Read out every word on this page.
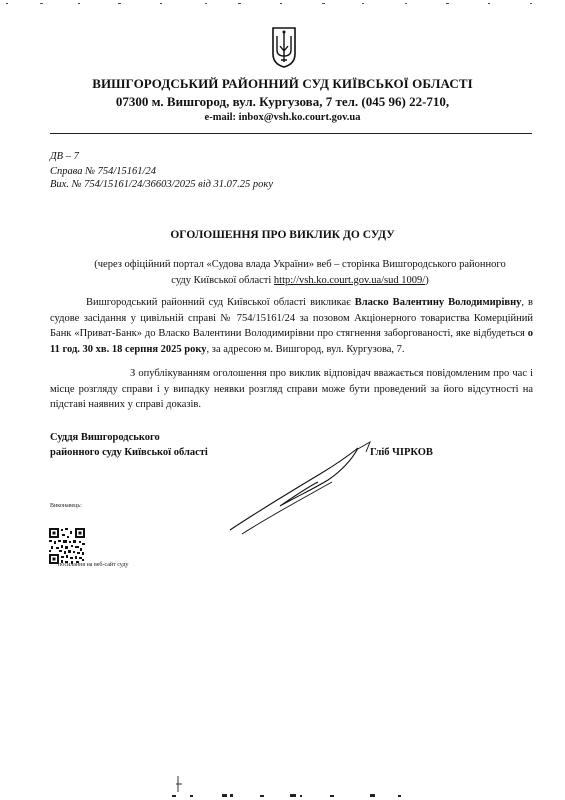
ВИШГОРОДСЬКИЙ РАЙОННИЙ СУД КИЇВСЬКОЇ ОБЛАСТІ
07300 м. Вишгород, вул. Кургузова, 7 тел. (045 96) 22-710,
e-mail: inbox@vsh.ko.court.gov.ua
ДВ – 7
Справа № 754/15161/24
Вих. № 754/15161/24/36603/2025 від 31.07.25 року
ОГОЛОШЕННЯ ПРО ВИКЛИК ДО СУДУ
(через офіційний портал «Судова влада України» веб – сторінка Вишгородського районного
суду Київської області http://vsh.ko.court.gov.ua/sud 1009/)
Вишгородський районний суд Київської області викликає Власко Валентину Володимирівну, в судове засідання у цивільній справі № 754/15161/24 за позовом Акціонерного товариства Комерційний Банк «Приват-Банк» до Власко Валентини Володимирівни про стягнення заборгованості, яке відбудеться о 11 год. 30 хв. 18 серпня 2025 року, за адресою м. Вишгород, вул. Кургузова, 7.
З опублікуванням оголошення про виклик відповідач вважається повідомленим про час і місце розгляду справи і у випадку неявки розгляд справи може бути проведений за його відсутності на підставі наявних у справі доказів.
Суддя Вишгородського
районного суду Київської області	Гліб ЧІРКОВ
Виконавець:
посилання на веб-сайт суду
